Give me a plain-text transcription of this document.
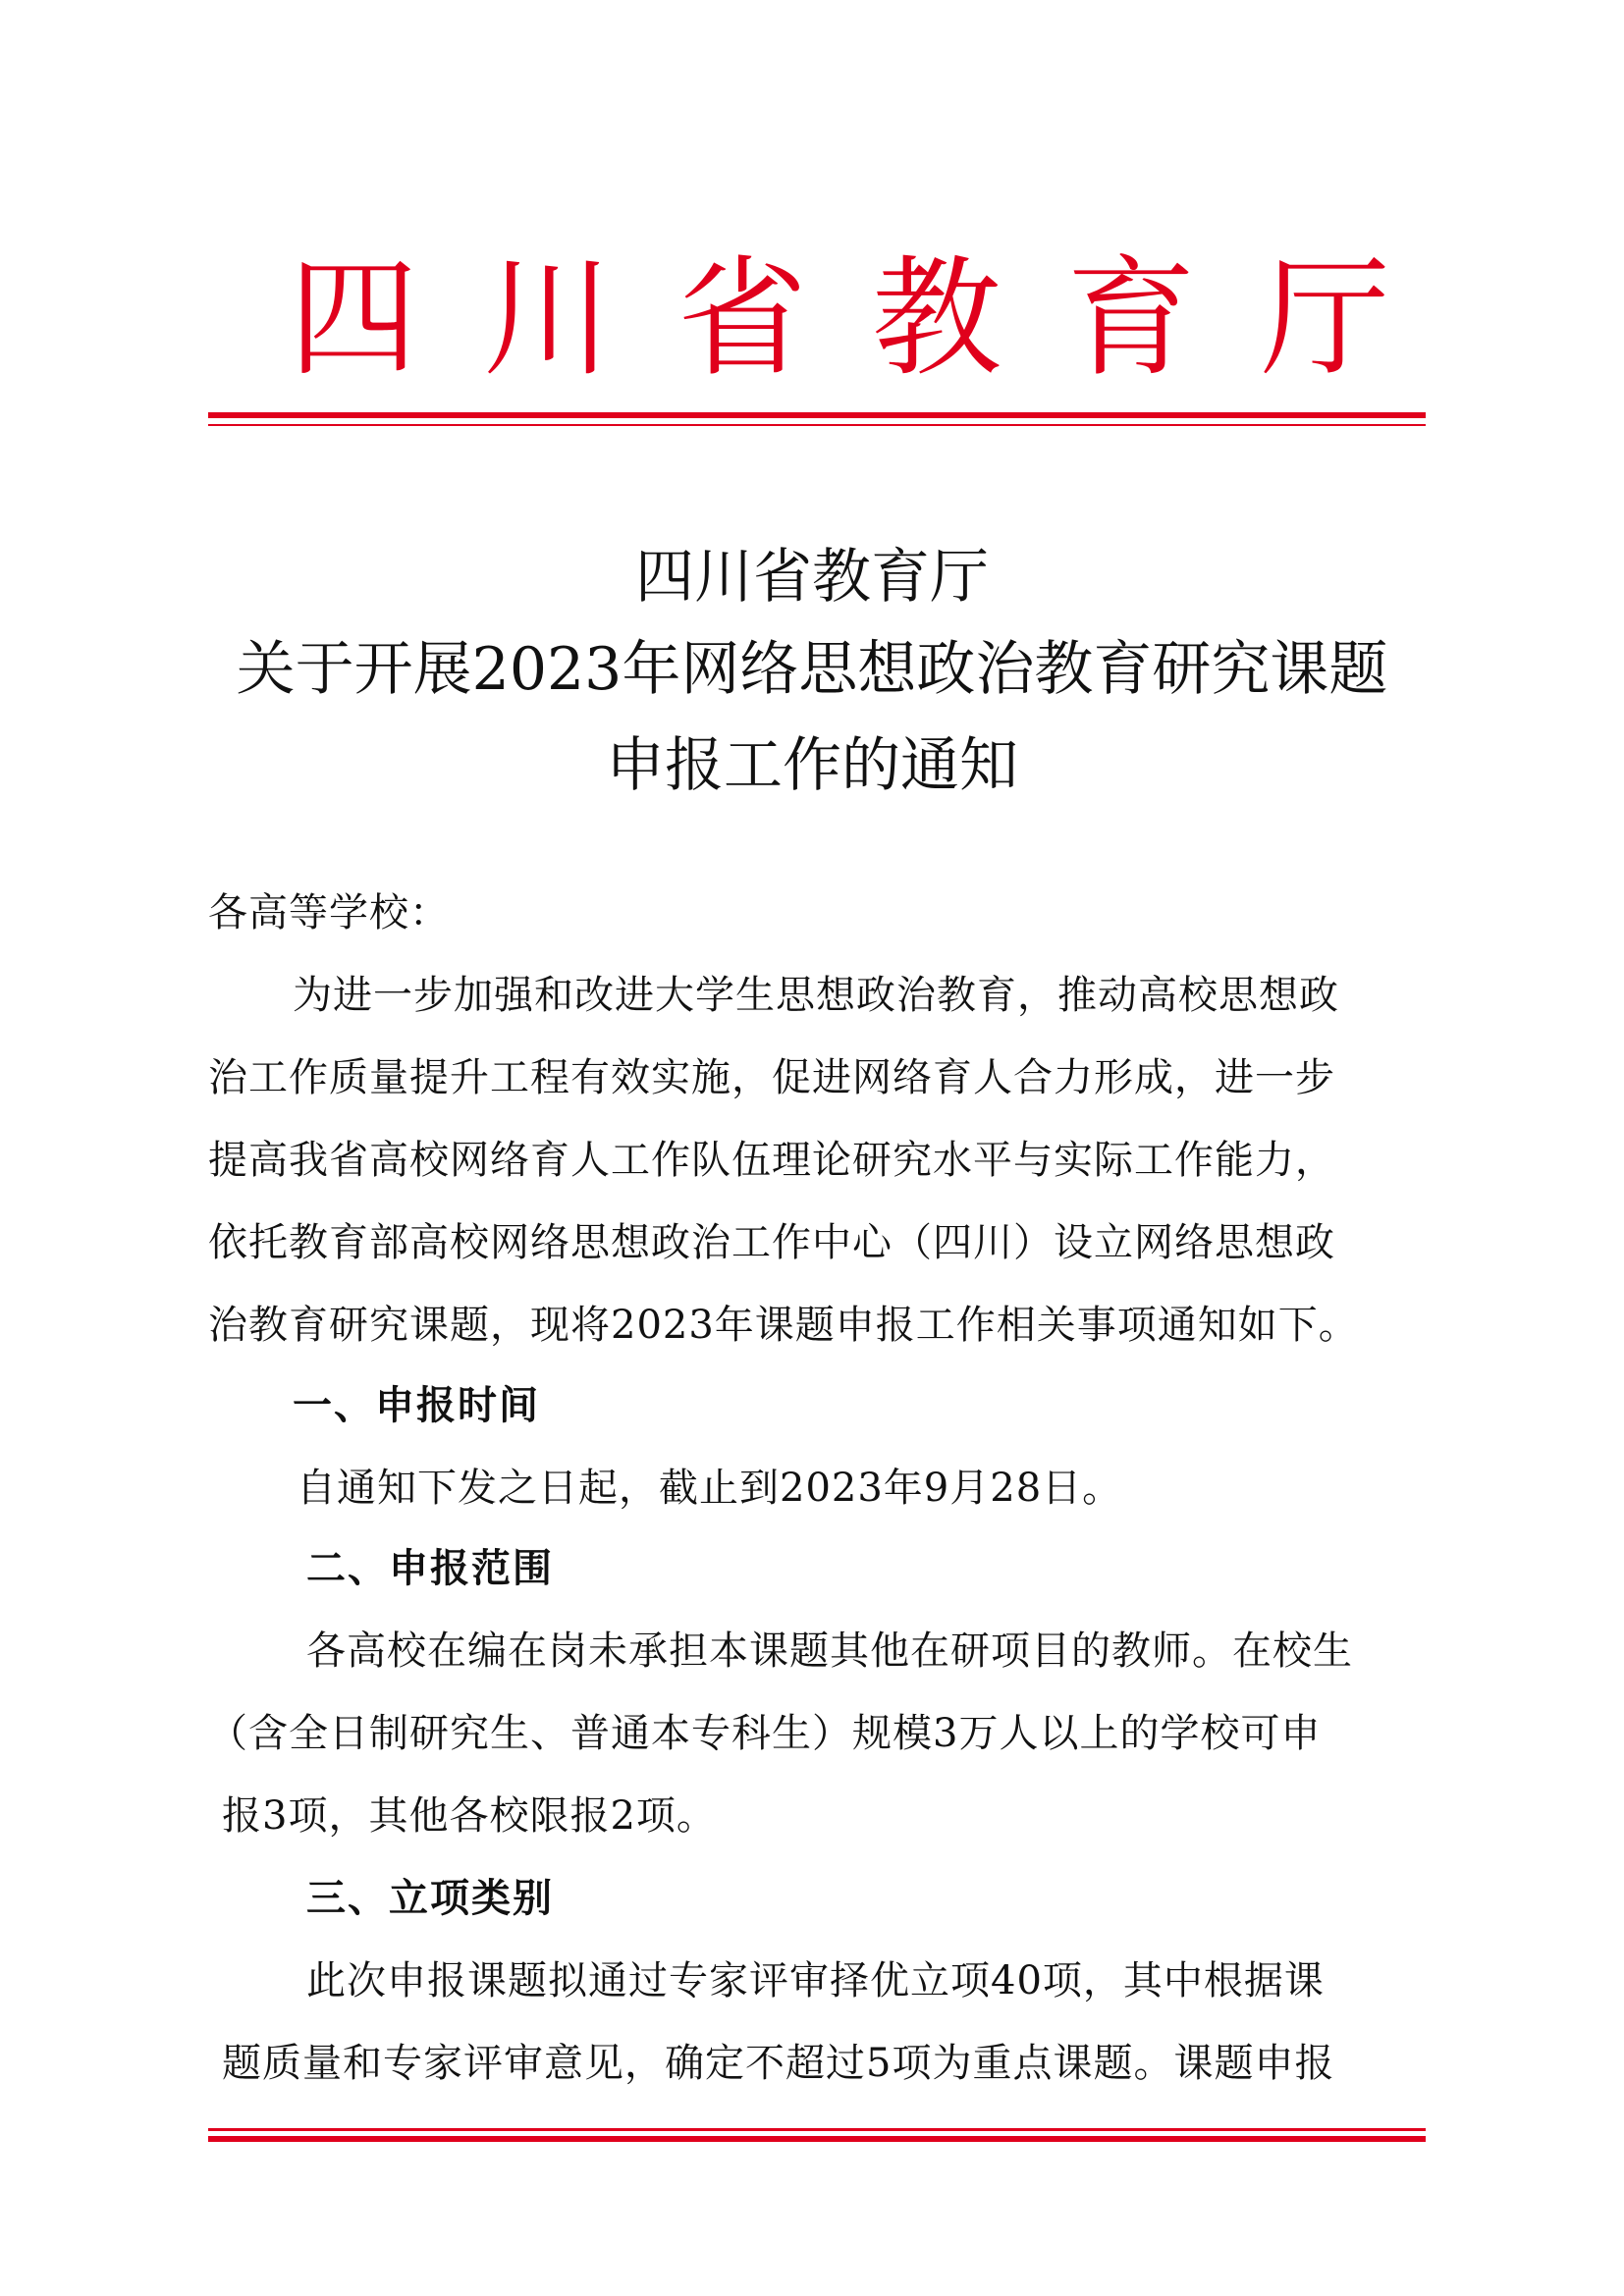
四 川 省 教 育 厅
四川省教育厅
关于开展2023年网络思想政治教育研究课题
申报工作的通知
各高等学校：
为进一步加强和改进大学生思想政治教育，推动高校思想政
治工作质量提升工程有效实施，促进网络育人合力形成，进一步
提高我省高校网络育人工作队伍理论研究水平与实际工作能力，
依托教育部高校网络思想政治工作中心（四川）设立网络思想政
治教育研究课题，现将2023年课题申报工作相关事项通知如下。
一、申报时间
自通知下发之日起，截止到2023年9月28日。
二、申报范围
各高校在编在岗未承担本课题其他在研项目的教师。在校生
（含全日制研究生、普通本专科生）规模3万人以上的学校可申
报3项，其他各校限报2项。
三、立项类别
此次申报课题拟通过专家评审择优立项40项，其中根据课
题质量和专家评审意见，确定不超过5项为重点课题。课题申报
